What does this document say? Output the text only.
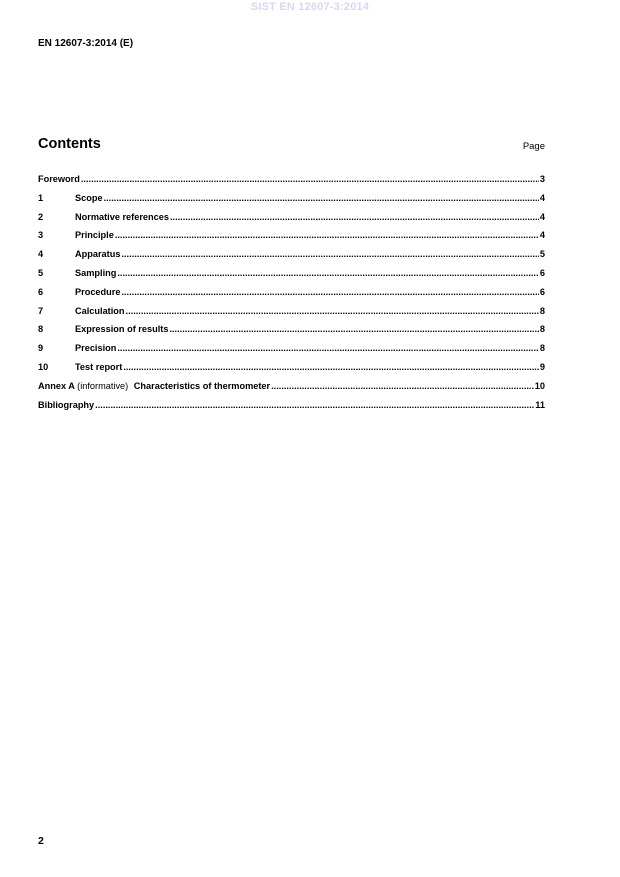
SIST EN 12607-3:2014
EN 12607-3:2014 (E)
Contents	Page
Foreword .....	3
1	Scope .....	4
2	Normative references .....	4
3	Principle .....	4
4	Apparatus .....	5
5	Sampling .....	6
6	Procedure .....	6
7	Calculation .....	8
8	Expression of results .....	8
9	Precision .....	8
10	Test report .....	9
Annex A (informative) Characteristics of thermometer .....	10
Bibliography .....	11
2
